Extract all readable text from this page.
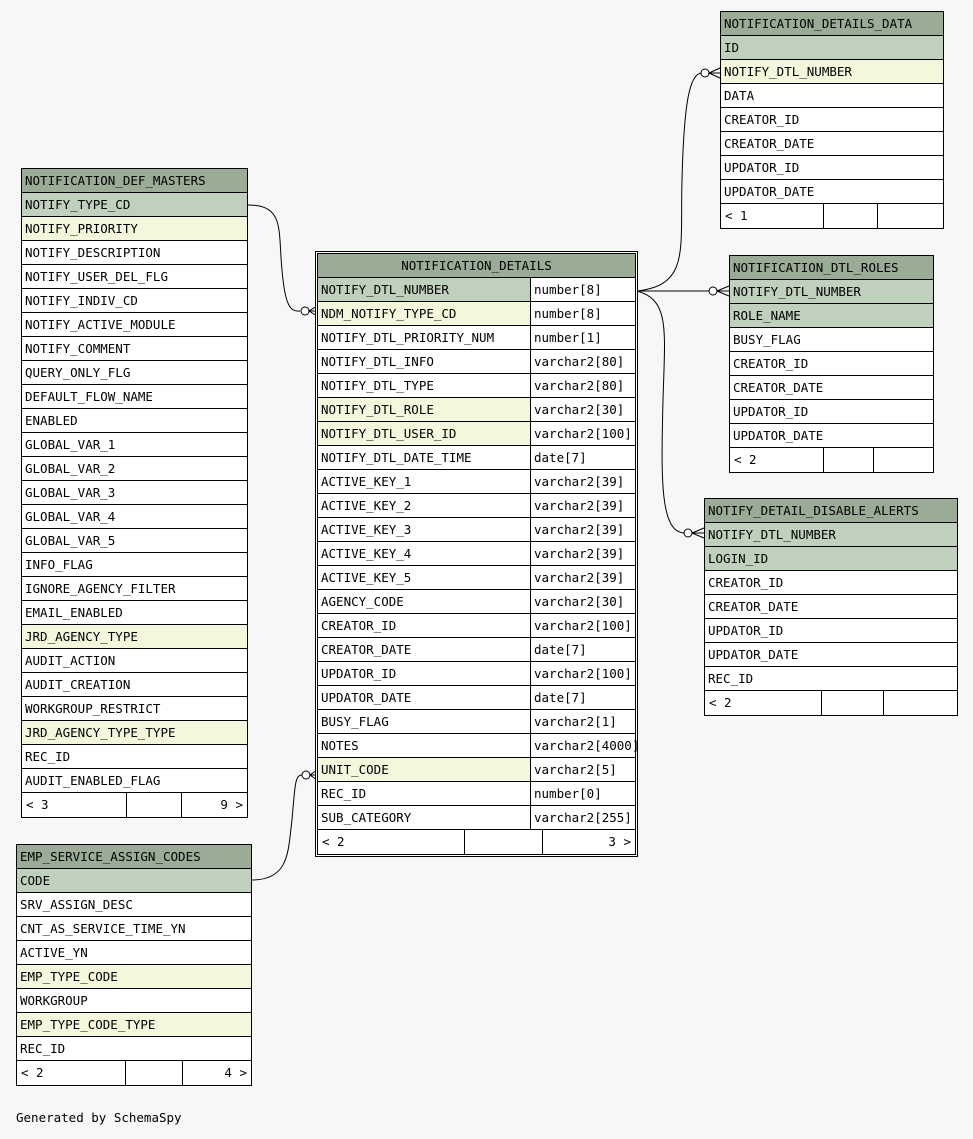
NOTIFICATION_DEF_MASTERS
NOTIFY_TYPE_CD
NOTIFY_PRIORITY
NOTIFY_DESCRIPTION
NOTIFY_USER_DEL_FLG
NOTIFY_INDIV_CD
NOTIFY_ACTIVE_MODULE
NOTIFY_COMMENT
QUERY_ONLY_FLG
DEFAULT_FLOW_NAME
ENABLED
GLOBAL_VAR_1
GLOBAL_VAR_2
GLOBAL_VAR_3
GLOBAL_VAR_4
GLOBAL_VAR_5
INFO_FLAG
IGNORE_AGENCY_FILTER
EMAIL_ENABLED
JRD_AGENCY_TYPE
AUDIT_ACTION
AUDIT_CREATION
WORKGROUP_RESTRICT
JRD_AGENCY_TYPE_TYPE
REC_ID
AUDIT_ENABLED_FLAG
< 3	9 >
EMP_SERVICE_ASSIGN_CODES
CODE
SRV_ASSIGN_DESC
CNT_AS_SERVICE_TIME_YN
ACTIVE_YN
EMP_TYPE_CODE
WORKGROUP
EMP_TYPE_CODE_TYPE
REC_ID
< 2	4 >
NOTIFICATION_DETAILS
NOTIFY_DTL_NUMBER	number[8]
NDM_NOTIFY_TYPE_CD	number[8]
NOTIFY_DTL_PRIORITY_NUM	number[1]
NOTIFY_DTL_INFO	varchar2[80]
NOTIFY_DTL_TYPE	varchar2[80]
NOTIFY_DTL_ROLE	varchar2[30]
NOTIFY_DTL_USER_ID	varchar2[100]
NOTIFY_DTL_DATE_TIME	date[7]
ACTIVE_KEY_1	varchar2[39]
ACTIVE_KEY_2	varchar2[39]
ACTIVE_KEY_3	varchar2[39]
ACTIVE_KEY_4	varchar2[39]
ACTIVE_KEY_5	varchar2[39]
AGENCY_CODE	varchar2[30]
CREATOR_ID	varchar2[100]
CREATOR_DATE	date[7]
UPDATOR_ID	varchar2[100]
UPDATOR_DATE	date[7]
BUSY_FLAG	varchar2[1]
NOTES	varchar2[4000]
UNIT_CODE	varchar2[5]
REC_ID	number[0]
SUB_CATEGORY	varchar2[255]
< 2	3 >
NOTIFICATION_DETAILS_DATA
ID
NOTIFY_DTL_NUMBER
DATA
CREATOR_ID
CREATOR_DATE
UPDATOR_ID
UPDATOR_DATE
< 1
NOTIFICATION_DTL_ROLES
NOTIFY_DTL_NUMBER
ROLE_NAME
BUSY_FLAG
CREATOR_ID
CREATOR_DATE
UPDATOR_ID
UPDATOR_DATE
< 2
NOTIFY_DETAIL_DISABLE_ALERTS
NOTIFY_DTL_NUMBER
LOGIN_ID
CREATOR_ID
CREATOR_DATE
UPDATOR_ID
UPDATOR_DATE
REC_ID
< 2
Generated by SchemaSpy
